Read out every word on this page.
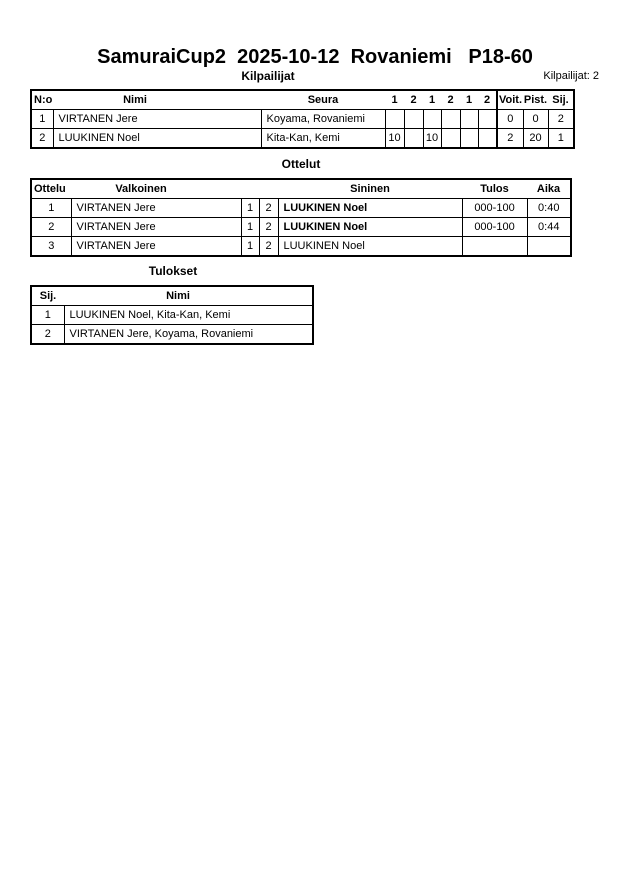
SamuraiCup2  2025-10-12  Rovaniemi   P18-60
Kilpailijat	Kilpailijat: 2
N:o	Nimi	Seura	1	2	1	2	1	2	Voit.	Pist.	Sij.
1	VIRTANEN Jere	Koyama, Rovaniemi							0	0	2
2	LUUKINEN Noel	Kita-Kan, Kemi	10		10				2	20	1
Ottelut
Ottelu	Valkoinen			Sininen	Tulos	Aika
1	VIRTANEN Jere	1	2	LUUKINEN Noel	000-100	0:40
2	VIRTANEN Jere	1	2	LUUKINEN Noel	000-100	0:44
3	VIRTANEN Jere	1	2	LUUKINEN Noel		
Tulokset
Sij.	Nimi
1	LUUKINEN Noel, Kita-Kan, Kemi
2	VIRTANEN Jere, Koyama, Rovaniemi
